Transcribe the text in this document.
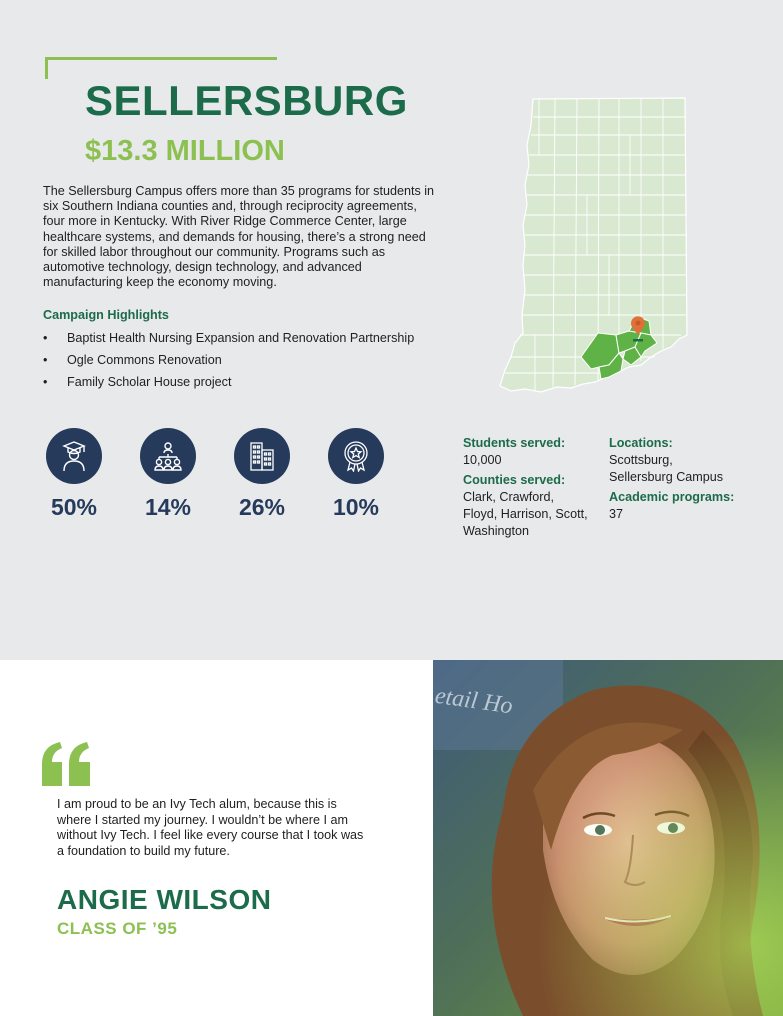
SELLERSBURG
$13.3 MILLION

The Sellersburg Campus offers more than 35 programs for students in six Southern Indiana counties and, through reciprocity agreements, four more in Kentucky. With River Ridge Commerce Center, large healthcare systems, and demands for housing, there’s a strong need for skilled labor throughout our community. Programs such as automotive technology, design technology, and advanced manufacturing keep the economy moving.

Campaign Highlights
• Baptist Health Nursing Expansion and Renovation Partnership
• Ogle Commons Renovation
• Family Scholar House project
50%	14%	26%	10%
Students served:
10,000
Counties served:
Clark, Crawford,
Floyd, Harrison, Scott,
Washington
Locations:
Scottsburg,
Sellersburg Campus
Academic programs:
37

I am proud to be an Ivy Tech alum, because this is where I started my journey. I wouldn’t be where I am without Ivy Tech. I feel like every course that I took was a foundation to build my future.

ANGIE WILSON
CLASS OF ’95
